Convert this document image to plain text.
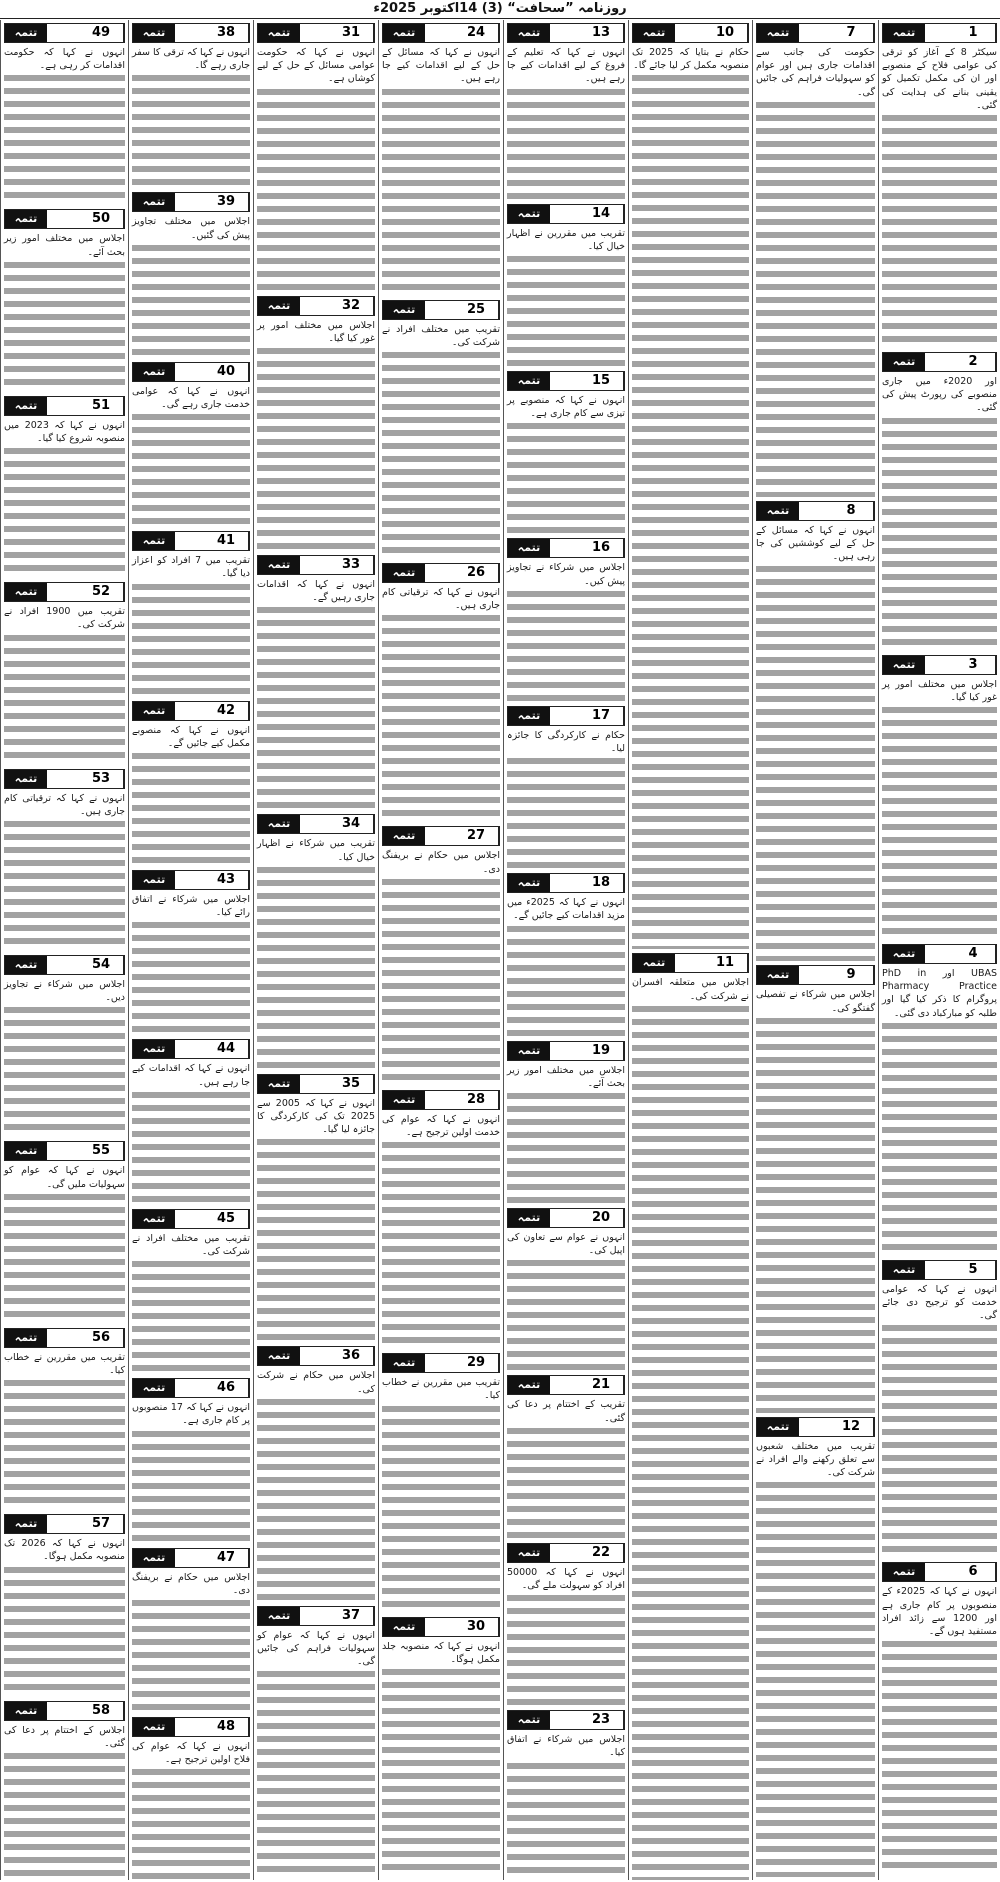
روزنامہ ”سحافت“ (3) 14اکتوبر 2025ء
1
تتمہ
سیکٹر 8 کے آغاز کو ترقی کی عوامی فلاح کے منصوبے اور ان کی مکمل تکمیل کو یقینی بنانے کی ہدایت کی گئی۔
2
تتمہ
اور 2020ء میں جاری منصوبے کی رپورٹ پیش کی گئی۔
3
تتمہ
اجلاس میں مختلف امور پر غور کیا گیا۔
4
تتمہ
UBAS اور PhD in Pharmacy Practice پروگرام کا ذکر کیا گیا اور طلبہ کو مبارکباد دی گئی۔
5
تتمہ
انہوں نے کہا کہ عوامی خدمت کو ترجیح دی جائے گی۔
6
تتمہ
انہوں نے کہا کہ 2025ء کے منصوبوں پر کام جاری ہے اور 1200 سے زائد افراد مستفید ہوں گے۔
7
تتمہ
حکومت کی جانب سے اقدامات جاری ہیں اور عوام کو سہولیات فراہم کی جائیں گی۔
8
تتمہ
انہوں نے کہا کہ مسائل کے حل کے لیے کوششیں کی جا رہی ہیں۔
9
تتمہ
اجلاس میں شرکاء نے تفصیلی گفتگو کی۔
12
تتمہ
تقریب میں مختلف شعبوں سے تعلق رکھنے والے افراد نے شرکت کی۔
10
تتمہ
حکام نے بتایا کہ 2025 تک منصوبہ مکمل کر لیا جائے گا۔
11
تتمہ
اجلاس میں متعلقہ افسران نے شرکت کی۔
13
تتمہ
انہوں نے کہا کہ تعلیم کے فروغ کے لیے اقدامات کیے جا رہے ہیں۔
14
تتمہ
تقریب میں مقررین نے اظہار خیال کیا۔
15
تتمہ
انہوں نے کہا کہ منصوبے پر تیزی سے کام جاری ہے۔
16
تتمہ
اجلاس میں شرکاء نے تجاویز پیش کیں۔
17
تتمہ
حکام نے کارکردگی کا جائزہ لیا۔
18
تتمہ
انہوں نے کہا کہ 2025ء میں مزید اقدامات کیے جائیں گے۔
19
تتمہ
اجلاس میں مختلف امور زیر بحث آئے۔
20
تتمہ
انہوں نے عوام سے تعاون کی اپیل کی۔
21
تتمہ
تقریب کے اختتام پر دعا کی گئی۔
22
تتمہ
انہوں نے کہا کہ 50000 افراد کو سہولت ملے گی۔
23
تتمہ
اجلاس میں شرکاء نے اتفاق کیا۔
24
تتمہ
انہوں نے کہا کہ مسائل کے حل کے لیے اقدامات کیے جا رہے ہیں۔
25
تتمہ
تقریب میں مختلف افراد نے شرکت کی۔
26
تتمہ
انہوں نے کہا کہ ترقیاتی کام جاری ہیں۔
27
تتمہ
اجلاس میں حکام نے بریفنگ دی۔
28
تتمہ
انہوں نے کہا کہ عوام کی خدمت اولین ترجیح ہے۔
29
تتمہ
تقریب میں مقررین نے خطاب کیا۔
30
تتمہ
انہوں نے کہا کہ منصوبہ جلد مکمل ہوگا۔
31
تتمہ
انہوں نے کہا کہ حکومت عوامی مسائل کے حل کے لیے کوشاں ہے۔
32
تتمہ
اجلاس میں مختلف امور پر غور کیا گیا۔
33
تتمہ
انہوں نے کہا کہ اقدامات جاری رہیں گے۔
34
تتمہ
تقریب میں شرکاء نے اظہار خیال کیا۔
35
تتمہ
انہوں نے کہا کہ 2005 سے 2025 تک کی کارکردگی کا جائزہ لیا گیا۔
36
تتمہ
اجلاس میں حکام نے شرکت کی۔
37
تتمہ
انہوں نے کہا کہ عوام کو سہولیات فراہم کی جائیں گی۔
38
تتمہ
انہوں نے کہا کہ ترقی کا سفر جاری رہے گا۔
39
تتمہ
اجلاس میں مختلف تجاویز پیش کی گئیں۔
40
تتمہ
انہوں نے کہا کہ عوامی خدمت جاری رہے گی۔
41
تتمہ
تقریب میں 7 افراد کو اعزاز دیا گیا۔
42
تتمہ
انہوں نے کہا کہ منصوبے مکمل کیے جائیں گے۔
43
تتمہ
اجلاس میں شرکاء نے اتفاق رائے کیا۔
44
تتمہ
انہوں نے کہا کہ اقدامات کیے جا رہے ہیں۔
45
تتمہ
تقریب میں مختلف افراد نے شرکت کی۔
46
تتمہ
انہوں نے کہا کہ 17 منصوبوں پر کام جاری ہے۔
47
تتمہ
اجلاس میں حکام نے بریفنگ دی۔
48
تتمہ
انہوں نے کہا کہ عوام کی فلاح اولین ترجیح ہے۔
49
تتمہ
انہوں نے کہا کہ حکومت اقدامات کر رہی ہے۔
50
تتمہ
اجلاس میں مختلف امور زیر بحث آئے۔
51
تتمہ
انہوں نے کہا کہ 2023 میں منصوبہ شروع کیا گیا۔
52
تتمہ
تقریب میں 1900 افراد نے شرکت کی۔
53
تتمہ
انہوں نے کہا کہ ترقیاتی کام جاری ہیں۔
54
تتمہ
اجلاس میں شرکاء نے تجاویز دیں۔
55
تتمہ
انہوں نے کہا کہ عوام کو سہولیات ملیں گی۔
56
تتمہ
تقریب میں مقررین نے خطاب کیا۔
57
تتمہ
انہوں نے کہا کہ 2026 تک منصوبہ مکمل ہوگا۔
58
تتمہ
اجلاس کے اختتام پر دعا کی گئی۔
